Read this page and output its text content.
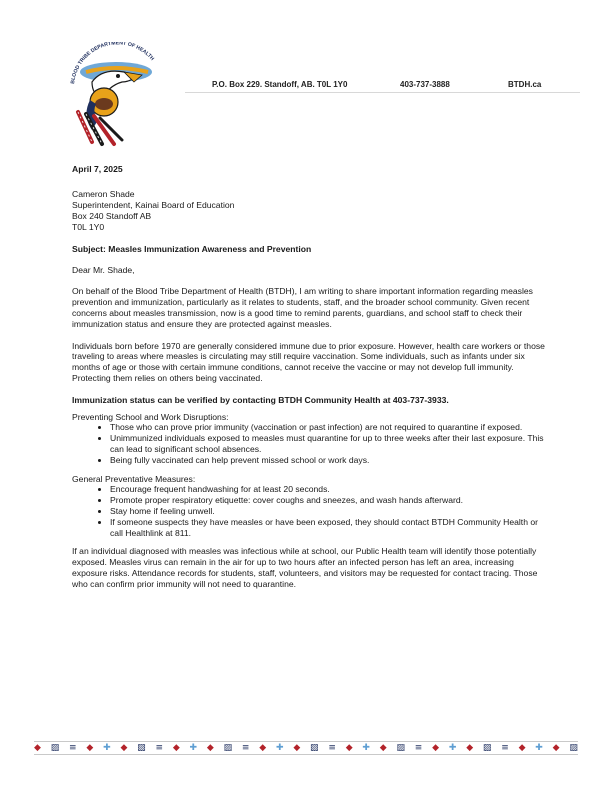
BLOOD TRIBE DEPARTMENT OF HEALTH
P.O. Box 229. Standoff, AB. T0L 1Y0	403-737-3888	BTDH.ca
April 7, 2025
Cameron Shade
Superintendent, Kainai Board of Education
Box 240 Standoff AB
T0L 1Y0
Subject: Measles Immunization Awareness and Prevention
Dear Mr. Shade,

On behalf of the Blood Tribe Department of Health (BTDH), I am writing to share important information regarding measles prevention and immunization, particularly as it relates to students, staff, and the broader school community. Given recent concerns about measles transmission, now is a good time to remind parents, guardians, and school staff to check their immunization status and ensure they are protected against measles.

Individuals born before 1970 are generally considered immune due to prior exposure. However, health care workers or those traveling to areas where measles is circulating may still require vaccination. Some individuals, such as infants under six months of age or those with certain immune conditions, cannot receive the vaccine or may not develop full immunity. Protecting them relies on others being vaccinated.

Immunization status can be verified by contacting BTDH Community Health at 403-737-3933.
Preventing School and Work Disruptions:
• Those who can prove prior immunity (vaccination or past infection) are not required to quarantine if exposed.
• Unimmunized individuals exposed to measles must quarantine for up to three weeks after their last exposure. This can lead to significant school absences.
• Being fully vaccinated can help prevent missed school or work days.
General Preventative Measures:
• Encourage frequent handwashing for at least 20 seconds.
• Promote proper respiratory etiquette: cover coughs and sneezes, and wash hands afterward.
• Stay home if feeling unwell.
• If someone suspects they have measles or have been exposed, they should contact BTDH Community Health or call Healthlink at 811.

If an individual diagnosed with measles was infectious while at school, our Public Health team will identify those potentially exposed. Measles virus can remain in the air for up to two hours after an infected person has left an area, increasing exposure risks. Attendance records for students, staff, volunteers, and visitors may be requested for contact tracing. Those who can confirm prior immunity will not need to quarantine.

◆ ▨ ≡ ◆ ✚ ◆ ▨ ≡ ◆ ✚ ◆ ▨ ≡ ◆ ✚ ◆ ▨ ≡ ◆ ✚ ◆ ▨ ≡ ◆ ✚ ◆ ▨ ≡ ◆ ✚ ◆ ▨
